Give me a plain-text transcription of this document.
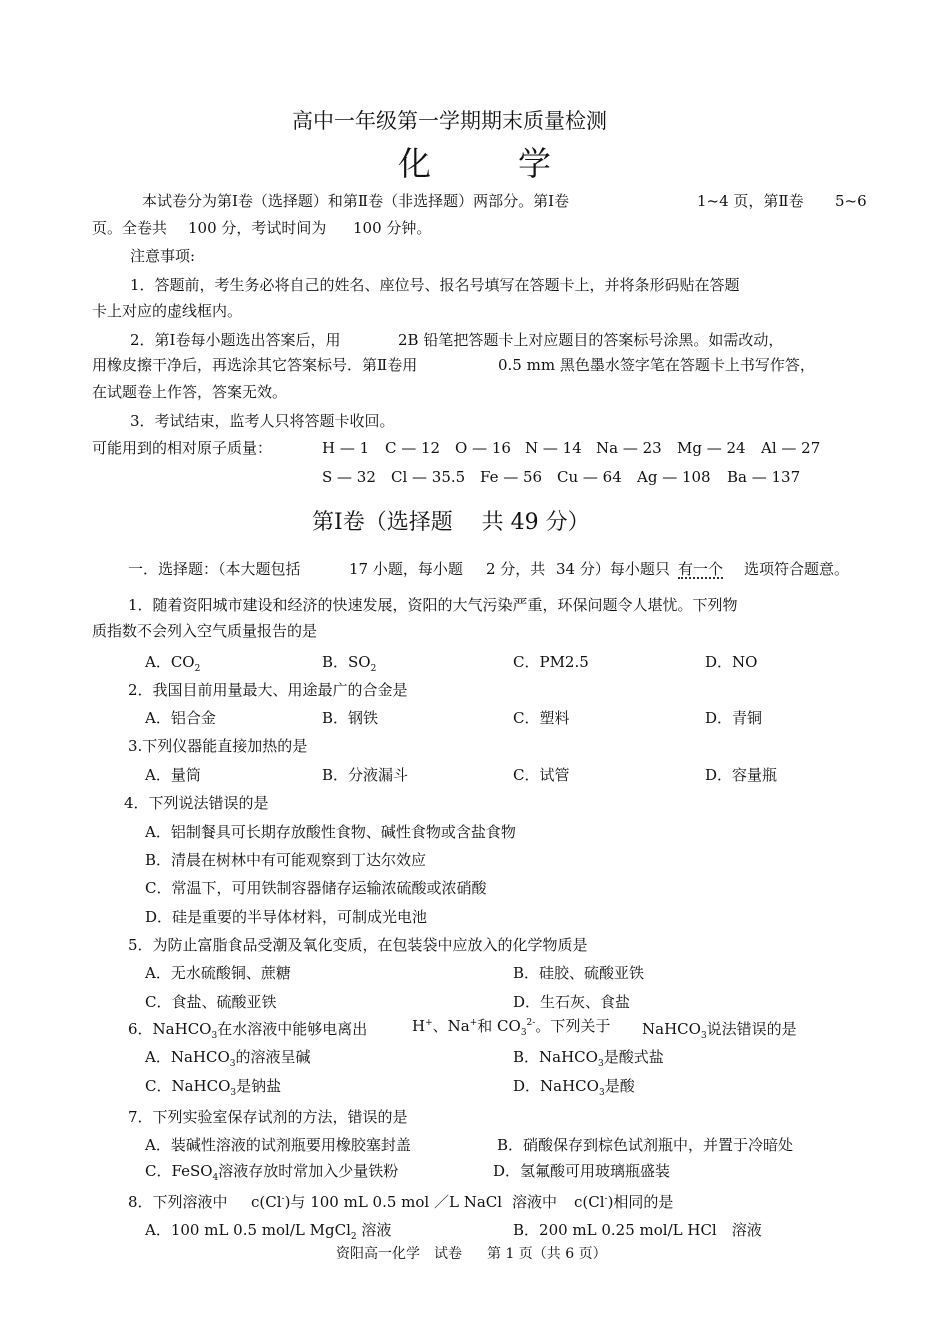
高中一年级第一学期期末质量检测
化	学
本试卷分为第Ⅰ卷（选择题）和第Ⅱ卷（非选择题）两部分。第Ⅰ卷	1~4 页，第Ⅱ卷 5~6
页。全卷共 100 分，考试时间为 100 分钟。
注意事项:
1．答题前，考生务必将自己的姓名、座位号、报名号填写在答题卡上，并将条形码贴在答题
卡上对应的虚线框内。
2．第Ⅰ卷每小题选出答案后，用	2B 铅笔把答题卡上对应题目的答案标号涂黑。如需改动，
用橡皮擦干净后，再选涂其它答案标号．第Ⅱ卷用	0.5 mm 黑色墨水签字笔在答题卡上书写作答，
在试题卷上作答，答案无效。
3．考试结束，监考人只将答题卡收回。
可能用到的相对原子质量：	H — 1 C — 12 O — 16 N — 14 Na — 23 Mg — 24 Al — 27
S — 32 Cl — 35.5 Fe — 56 Cu — 64 Ag — 108 Ba — 137
第Ⅰ卷（选择题　 共 49 分）
一．选择题：（本大题包括	17 小题，每小题 2 分，共 34 分）每小题只 有一个 选项符合题意。
1．随着资阳城市建设和经济的快速发展，资阳的大气污染严重，环保问题令人堪忧。下列物
质指数不会列入空气质量报告的是
A．$CO_2$	B．$SO_2$	C．PM2.5	D．NO
2．我国目前用量最大、用途最广的合金是
A．铝合金	B．钢铁	C．塑料	D．青铜
3.下列仪器能直接加热的是
A．量筒	B．分液漏斗	C．试管	D．容量瓶
4．下列说法错误的是
A．铝制餐具可长期存放酸性食物、碱性食物或含盐食物
B．清晨在树林中有可能观察到丁达尔效应
C．常温下，可用铁制容器储存运输浓硫酸或浓硝酸
D．硅是重要的半导体材料，可制成光电池
5．为防止富脂食品受潮及氧化变质，在包装袋中应放入的化学物质是
A．无水硫酸铜、蔗糖	B．硅胶、硫酸亚铁
C．食盐、硫酸亚铁	D．生石灰、食盐
6．NaHCO$_3$在水溶液中能够电离出	H+、Na+和 $CO_3^{2-}$。下列关于 NaHCO$_3$说法错误的是
A．NaHCO$_3$的溶液呈碱	B．NaHCO$_3$是酸式盐
C．NaHCO$_3$是钠盐	D．NaHCO$_3$是酸
7．下列实验室保存试剂的方法，错误的是
A．装碱性溶液的试剂瓶要用橡胶塞封盖	B．硝酸保存到棕色试剂瓶中，并置于冷暗处
C．FeSO$_4$溶液存放时常加入少量铁粉	D．氢氟酸可用玻璃瓶盛装
8．下列溶液中 c(Cl-)与 100 mL 0.5 mol ／L NaCl 溶液中 c(Cl-)相同的是
A．100 mL 0.5 mol/L MgCl$_2$ 溶液	B．200 mL 0.25 mol/L HCl　 溶液
资阳高一化学　试卷 第 1 页（共 6 页）
